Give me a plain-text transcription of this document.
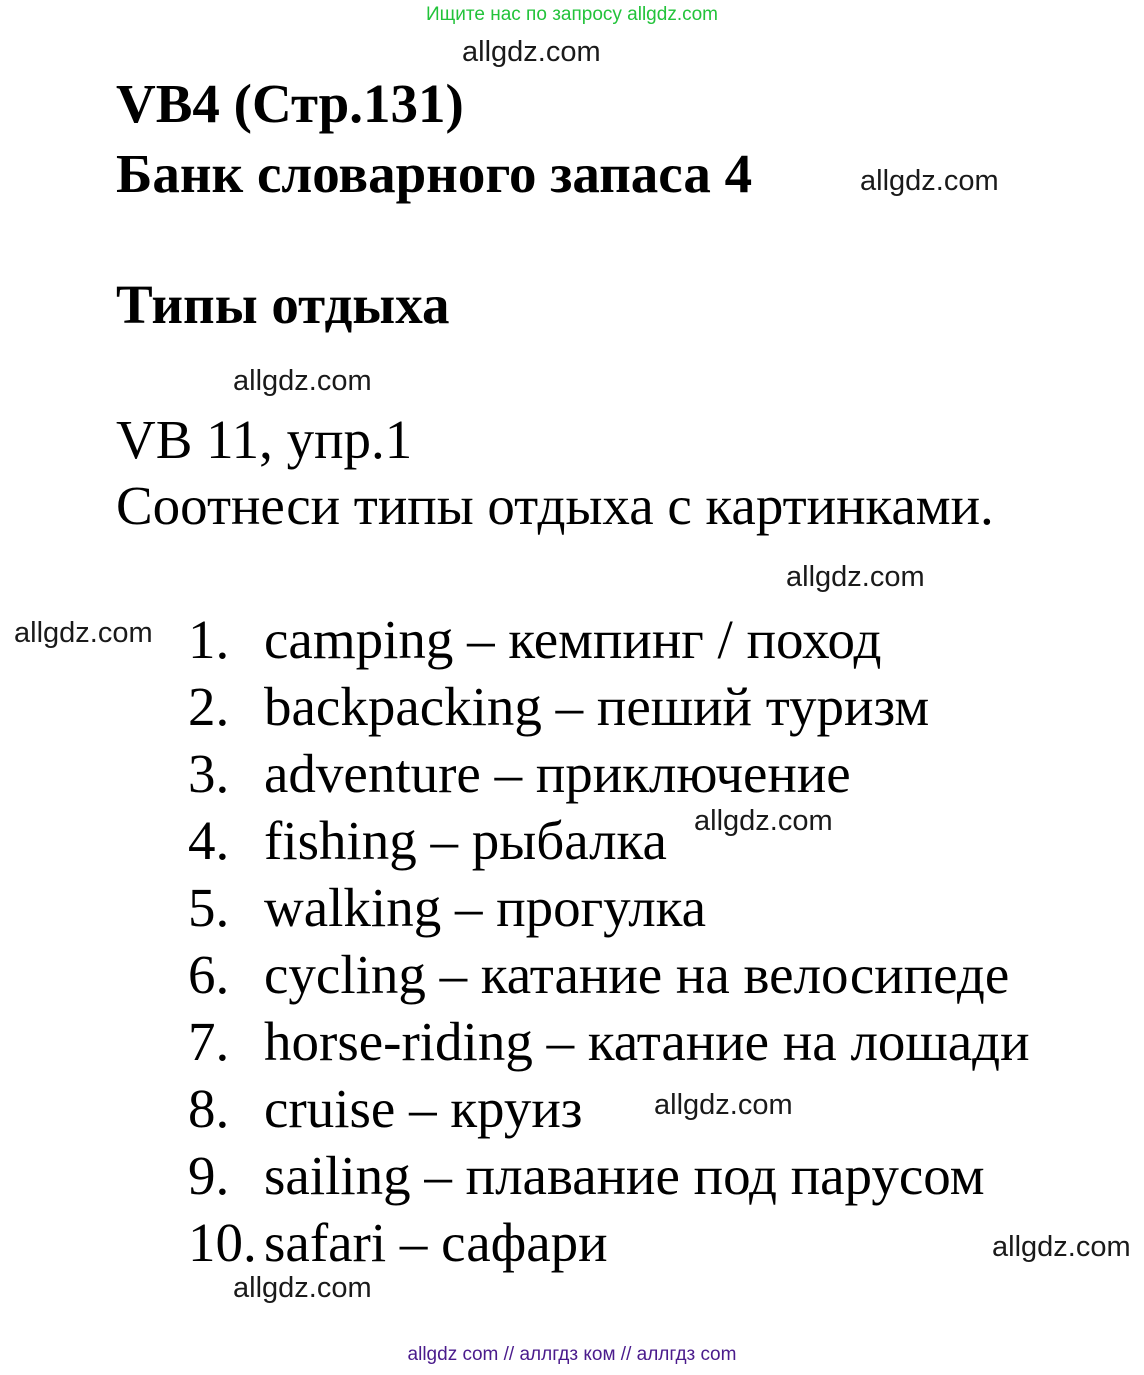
Ищите нас по запросу allgdz.com
allgdz.com
allgdz.com
allgdz.com
allgdz.com
allgdz.com
allgdz.com
allgdz.com
allgdz.com
allgdz.com
VB4 (Стр.131)
Банк словарного запаса 4
Типы отдыха
VB 11, упр.1
Соотнеси типы отдыха с картинками.
1. camping – кемпинг / поход
2. backpacking – пеший туризм
3. adventure – приключение
4. fishing – рыбалка
5. walking – прогулка
6. cycling – катание на велосипеде
7. horse-riding – катание на лошади
8. cruise – круиз
9. sailing – плавание под парусом
10. safari – сафари
allgdz com // аллгдз ком // аллгдз com
